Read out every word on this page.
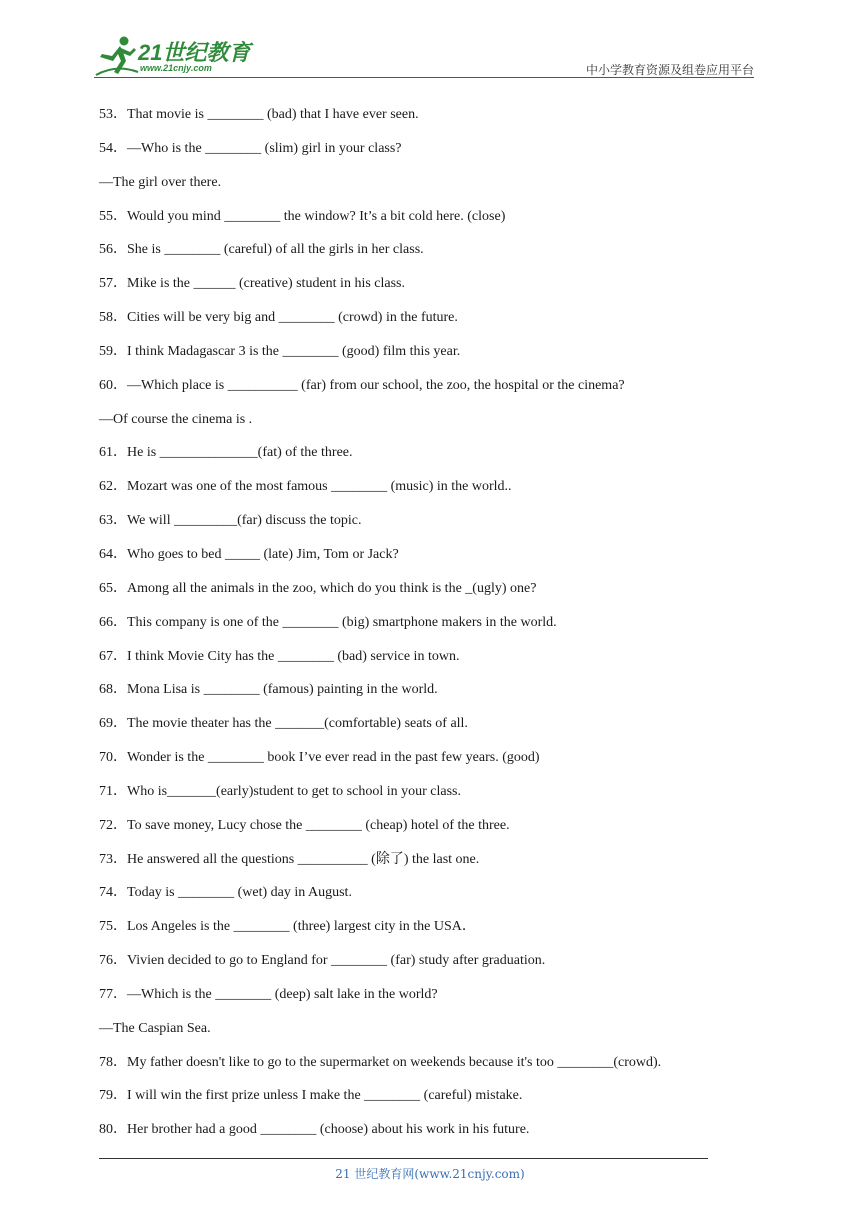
21世纪教育
www.21cnjy.com	中小学教育资源及组卷应用平台
53．That movie is ________ (bad) that I have ever seen.
54．—Who is the ________ (slim) girl in your class?
—The girl over there.
55．Would you mind ________ the window? It’s a bit cold here. (close)
56．She is ________ (careful) of all the girls in her class.
57．Mike is the ______ (creative) student in his class.
58．Cities will be very big and ________ (crowd) in the future.
59．I think Madagascar 3 is the ________ (good) film this year.
60．—Which place is __________ (far) from our school, the zoo, the hospital or the cinema?
—Of course the cinema is .
61．He is ______________(fat) of the three.
62．Mozart was one of the most famous ________ (music) in the world..
63．We will _________(far) discuss the topic.
64．Who goes to bed _____ (late) Jim, Tom or Jack?
65．Among all the animals in the zoo, which do you think is the _(ugly) one?
66．This company is one of the ________ (big) smartphone makers in the world.
67．I think Movie City has the ________ (bad) service in town.
68．Mona Lisa is ________ (famous) painting in the world.
69．The movie theater has the _______(comfortable) seats of all.
70．Wonder is the ________ book I’ve ever read in the past few years. (good)
71．Who is_______(early)student to get to school in your class.
72．To save money, Lucy chose the ________ (cheap) hotel of the three.
73．He answered all the questions __________ (除了) the last one.
74．Today is ________ (wet) day in August.
75．Los Angeles is the ________ (three) largest city in the USA．
76．Vivien decided to go to England for ________ (far) study after graduation.
77．—Which is the ________ (deep) salt lake in the world?
—The Caspian Sea.
78．My father doesn't like to go to the supermarket on weekends because it's too ________(crowd).
79．I will win the first prize unless I make the ________ (careful) mistake.
80．Her brother had a good ________ (choose) about his work in his future.
21 世纪教育网(www.21cnjy.com)
